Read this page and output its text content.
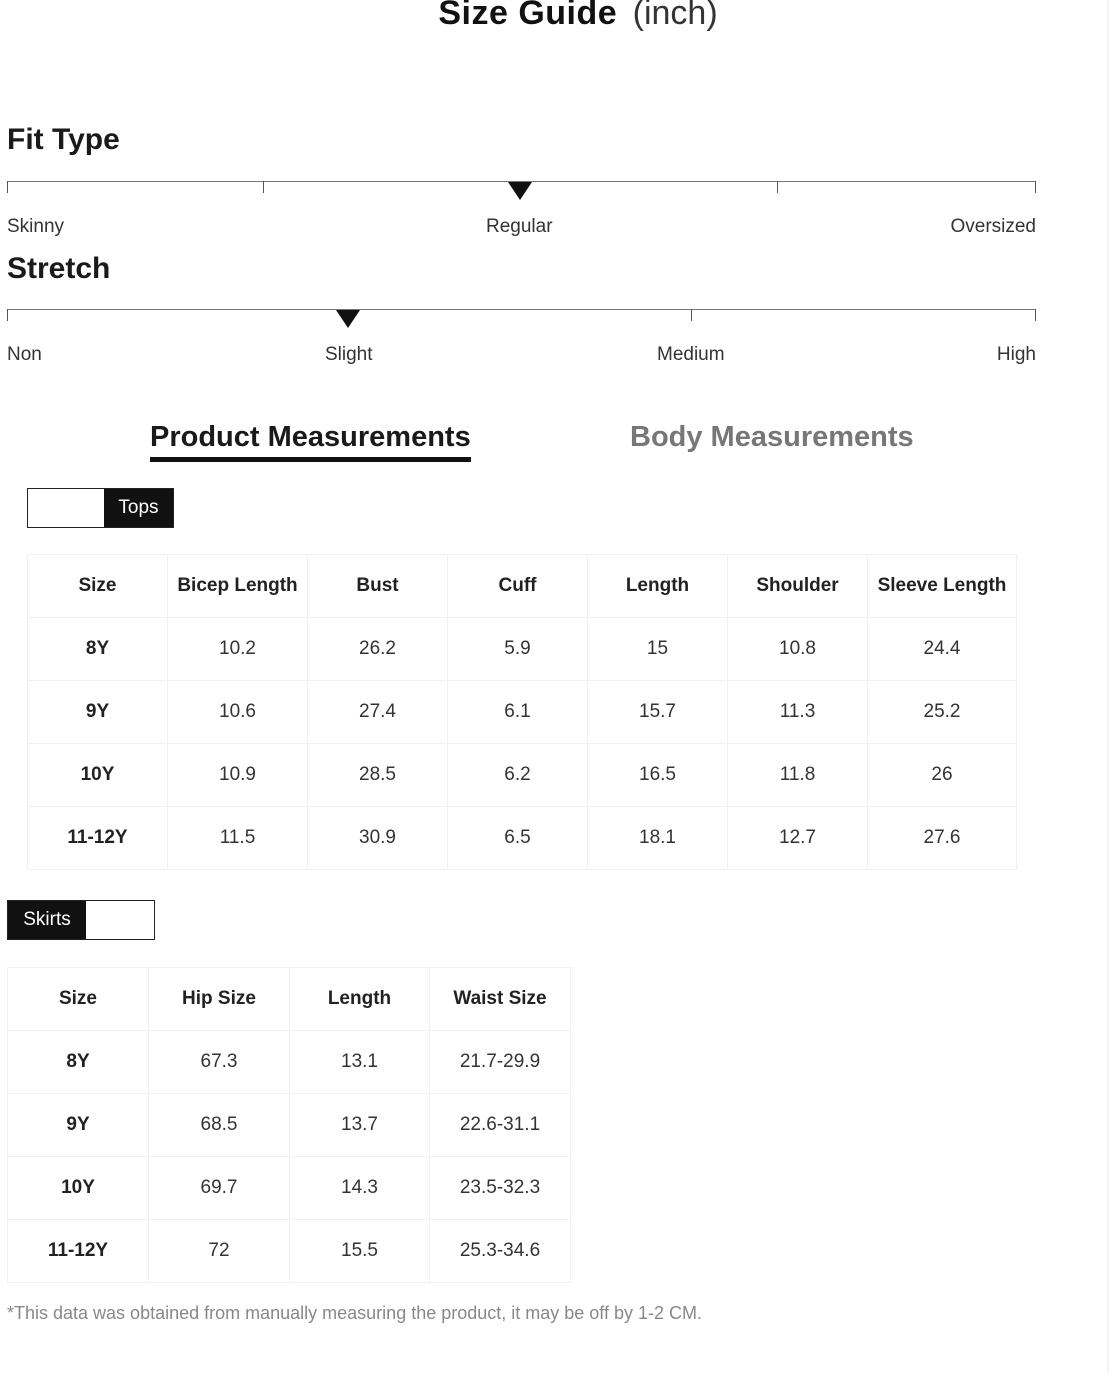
Size Guide (inch)
Fit Type
Skinny	Regular	Oversized
Stretch
Non	Slight	Medium	High
Product Measurements	Body Measurements
Tops
Size	Bicep Length	Bust	Cuff	Length	Shoulder	Sleeve Length
8Y	10.2	26.2	5.9	15	10.8	24.4
9Y	10.6	27.4	6.1	15.7	11.3	25.2
10Y	10.9	28.5	6.2	16.5	11.8	26
11-12Y	11.5	30.9	6.5	18.1	12.7	27.6
Skirts
Size	Hip Size	Length	Waist Size
8Y	67.3	13.1	21.7-29.9
9Y	68.5	13.7	22.6-31.1
10Y	69.7	14.3	23.5-32.3
11-12Y	72	15.5	25.3-34.6
*This data was obtained from manually measuring the product, it may be off by 1-2 CM.
